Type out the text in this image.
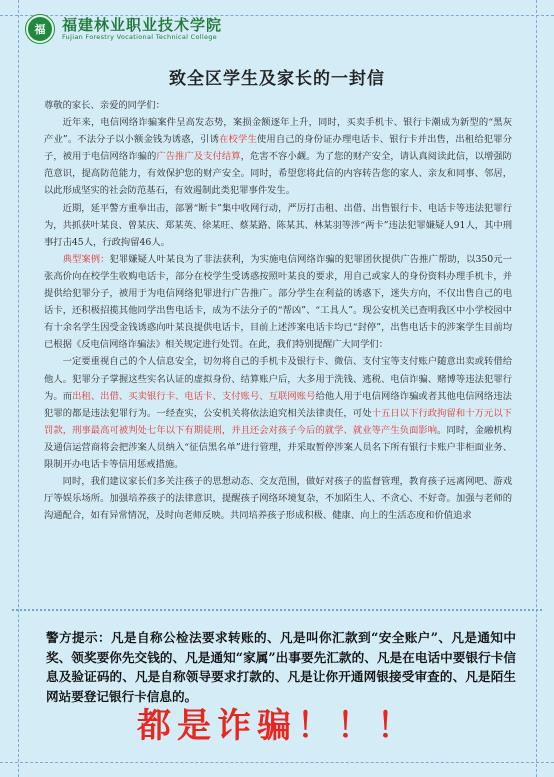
福 福建林业职业技术学院
Fujian Forestry Vocational Technical College
致全区学生及家长的一封信

尊敬的家长、亲爱的同学们：

近年来，电信网络诈骗案件呈高发态势，案损金额逐年上升，同时，买卖手机卡、银行卡潮成为新型的“黑灰产业”。不法分子以小额金钱为诱惑，引诱在校学生使用自己的身份证办理电话卡、银行卡并出售，出租给犯罪分子，被用于电信网络诈骗的广告推广及支付结算，危害不容小觑。为了您的财产安全，请认真阅读此信，以增强防范意识，提高防范能力，有效保护您的财产安全。同时，希望您将此信的内容转告您的家人、亲友和同事、邻居，以此形成坚实的社会防范基石，有效遏制此类犯罪事件发生。

近期，延平警方重拳出击，部署“断卡”集中收网行动，严厉打击租、出借、出售银行卡、电话卡等违法犯罪行为，共抓获叶某良、曾某庆、郑某英、徐某旺、蔡某路、陈某其、林某羽等涉“两卡”违法犯罪嫌疑人91人，其中刑事打击45人，行政拘留46人。

典型案例：犯罪嫌疑人叶某良为了非法获利，为实施电信网络诈骗的犯罪团伙提供广告推广帮助，以350元一张高价向在校学生收购电话卡，部分在校学生受诱惑按照叶某良的要求，用自己或家人的身份资料办理手机卡，并提供给犯罪分子，被用于为电信网络犯罪进行广告推广。部分学生在利益的诱惑下，迷失方向，不仅出售自己的电话卡，还积极招揽其他同学出售电话卡，成为不法分子的“帮凶”、“工具人”。现公安机关已查明我区中小学校园中有十余名学生因受金钱诱惑向叶某良提供电话卡，目前上述涉案电话卡均已“封停”，出售电话卡的涉案学生目前均已根据《反电信网络诈骗法》相关规定进行处罚。在此，我们特别提醒广大同学们：

一定要重视自己的个人信息安全，切勿将自己的手机卡及银行卡、微信、支付宝等支付账户随意出卖或转借给他人。犯罪分子掌握这些实名认证的虚拟身份、结算账户后，大多用于洗钱、逃税、电信诈骗、赌博等违法犯罪行为。而出租、出借、买卖银行卡、电话卡、支付账号、互联网账号给他人用于电信网络诈骗或者其他电信网络违法犯罪的都是违法犯罪行为。一经查实，公安机关将依法追究相关法律责任，可处十五日以下行政拘留和十万元以下罚款，刑事最高可被判处七年以下有期徒刑，并且还会对孩子今后的就学、就业等产生负面影响。同时，金融机构及通信运营商将会把涉案人员纳入“征信黑名单”进行管理，并采取暂停涉案人员名下所有银行卡账户非柜面业务、限制开办电话卡等信用惩戒措施。

同时，我们建议家长们多关注孩子的思想动态、交友范围，做好对孩子的监督管理，教育孩子远离网吧、游戏厅等娱乐场所。加强培养孩子的法律意识，提醒孩子网络环境复杂，不加陌生人、不贪心、不好奇。加强与老师的沟通配合，如有异常情况，及时向老师反映。共同培养孩子形成积极、健康、向上的生活态度和价值追求

警方提示：凡是自称公检法要求转账的、凡是叫你汇款到“安全账户”、凡是通知中奖、领奖要你先交钱的、凡是通知“家属”出事要先汇款的、凡是在电话中要银行卡信息及验证码的、凡是自称领导要求打款的、凡是让你开通网银接受审查的、凡是陌生网站要登记银行卡信息的。
都是诈骗！！！
